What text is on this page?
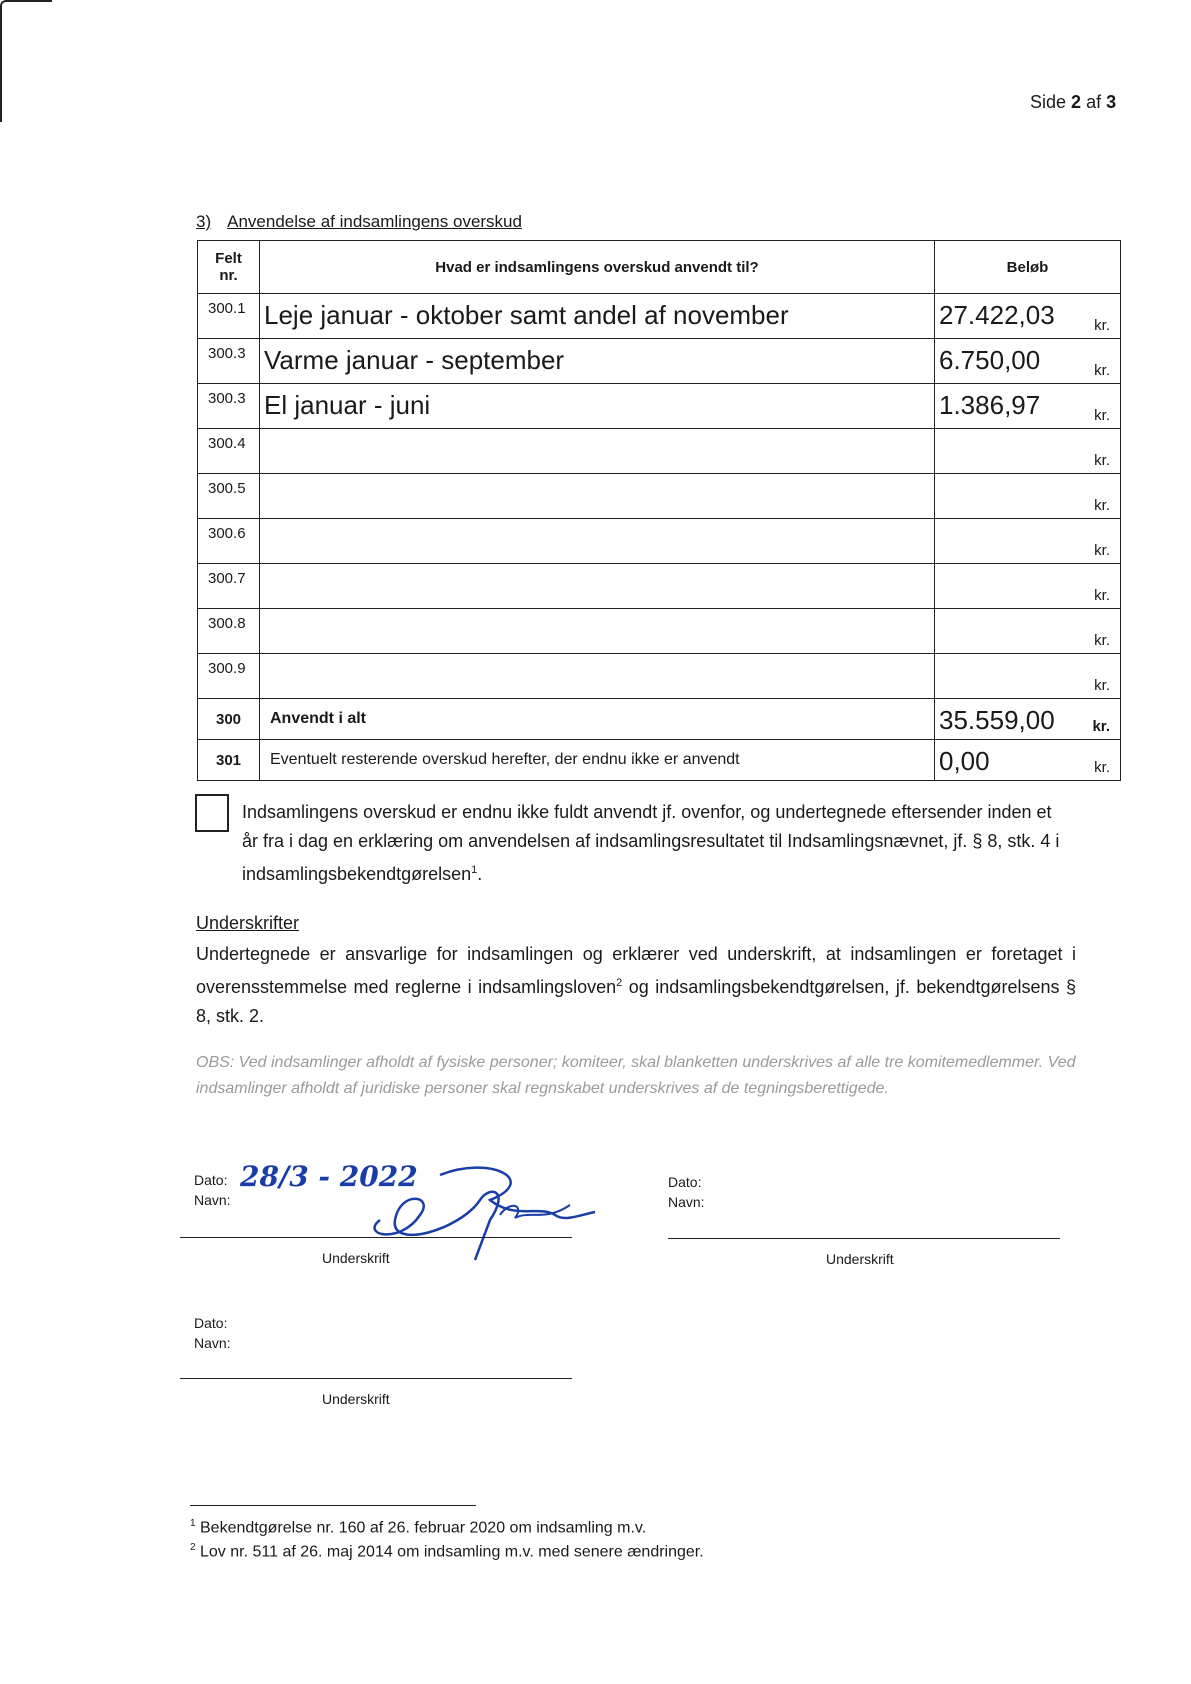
Side 2 af 3
3) Anvendelse af indsamlingens overskud
Felt
nr.	Hvad er indsamlingens overskud anvendt til?	Beløb
300.1	Leje januar - oktober samt andel af november	27.422,03 kr.

300.3	Varme januar - september	6.750,00 kr.

300.3	El januar - juni	1.386,97 kr.

300.4		kr.

300.5		kr.

300.6		kr.

300.7		kr.

300.8		kr.

300.9		kr.

300	Anvendt i alt	35.559,00 kr.

301	Eventuelt resterende overskud herefter, der endnu ikke er anvendt	0,00 kr.
Indsamlingens overskud er endnu ikke fuldt anvendt jf. ovenfor, og undertegnede eftersender inden et år fra i dag en erklæring om anvendelsen af indsamlingsresultatet til Indsamlingsnævnet, jf. § 8, stk. 4 i indsamlingsbekendtgørelsen$^1$.
Underskrifter
Undertegnede er ansvarlige for indsamlingen og erklærer ved underskrift, at indsamlingen er foretaget i overensstemmelse med reglerne i indsamlingsloven$^2$ og indsamlingsbekendtgørelsen, jf. bekendtgørelsens § 8, stk. 2.
OBS: Ved indsamlinger afholdt af fysiske personer; komiteer, skal blanketten underskrives af alle tre komitemedlemmer. Ved indsamlinger afholdt af juridiske personer skal regnskabet underskrives af de tegningsberettigede.
Dato:
Navn:
28/3 - 2022
Underskrift
Dato:
Navn:
Underskrift
Dato:
Navn:
Underskrift
$^1$ Bekendtgørelse nr. 160 af 26. februar 2020 om indsamling m.v.
$^2$ Lov nr. 511 af 26. maj 2014 om indsamling m.v. med senere ændringer.
